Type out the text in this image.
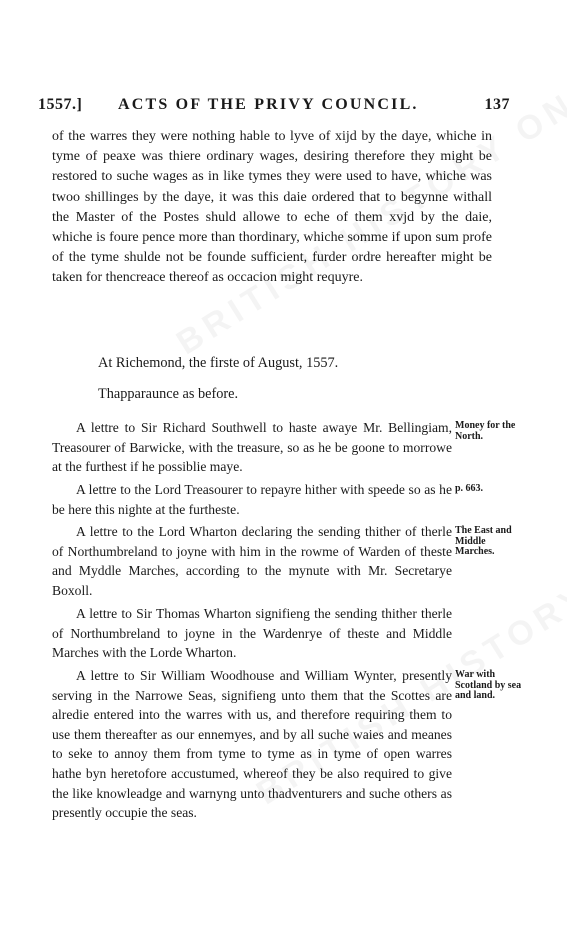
1557.] ACTS OF THE PRIVY COUNCIL.	137
of the warres they were nothing hable to lyve of xijd by the daye, whiche in tyme of peaxe was thiere ordinary wages, desiring therefore they might be restored to suche wages as in like tymes they were used to have, whiche was twoo shillinges by the daye, it was this daie ordered that to begynne withall the Master of the Postes shuld allowe to eche of them xvjd by the daie, whiche is foure pence more than thordinary, whiche somme if upon sum profe of the tyme shulde not be founde sufficient, furder ordre hereafter might be taken for thencreace thereof as occacion might requyre.
At Richemond, the firste of August, 1557.
Thapparaunce as before.
A lettre to Sir Richard Southwell to haste awaye Mr. Bellingiam, Treasourer of Barwicke, with the treasure, so as he be goone to morrowe at the furthest if he possiblie maye.
Money for the North.
A lettre to the Lord Treasourer to repayre hither with speede so as he be here this nighte at the furtheste.
p. 663.
A lettre to the Lord Wharton declaring the sending thither of therle of Northumbreland to joyne with him in the rowme of Warden of theste and Myddle Marches, according to the mynute with Mr. Secretarye Boxoll.
The East and Middle Marches.
A lettre to Sir Thomas Wharton signifieng the sending thither therle of Northumbreland to joyne in the Wardenrye of theste and Middle Marches with the Lorde Wharton.
A lettre to Sir William Woodhouse and William Wynter, presently serving in the Narrowe Seas, signifieng unto them that the Scottes are alredie entered into the warres with us, and therefore requiring them to use them thereafter as our ennemyes, and by all suche waies and meanes to seke to annoy them from tyme to tyme as in tyme of open warres hathe byn heretofore accustumed, whereof they be also required to give the like knowleadge and warnyng unto thadventurers and suche others as presently occupie the seas.
War with Scotland by sea and land.
